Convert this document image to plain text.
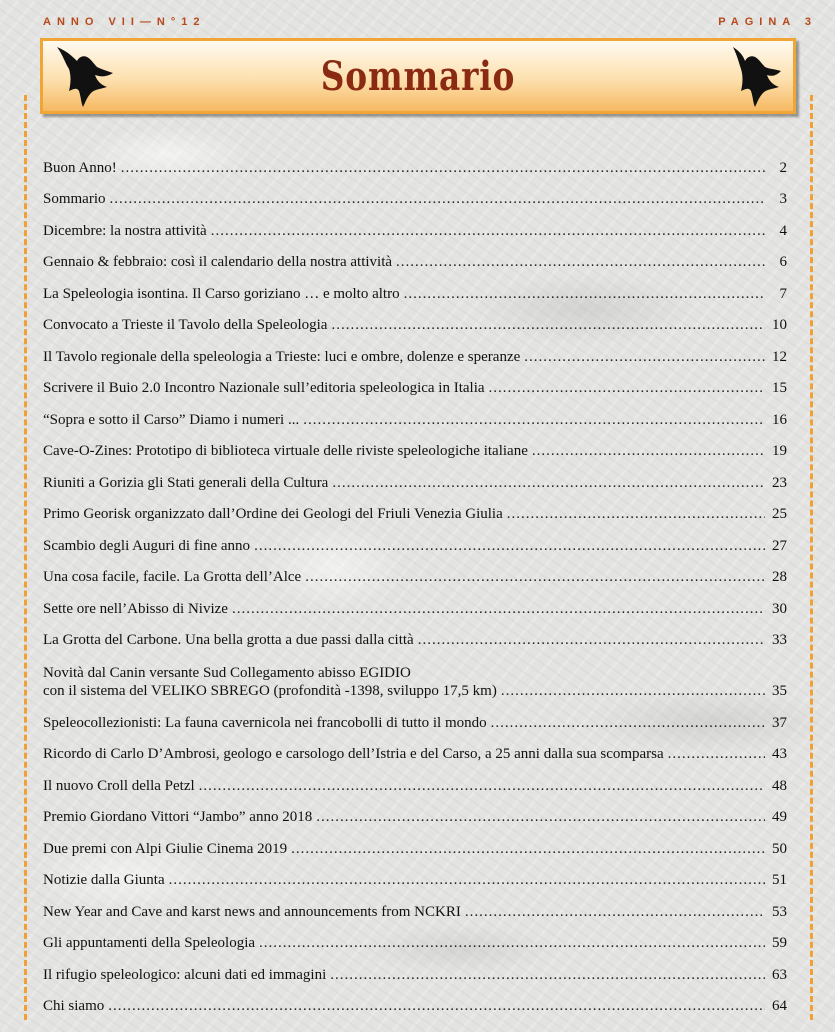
ANNO VII—N°12	PAGINA 3
Sommario
Buon Anno! .....	2
Sommario .....	3
Dicembre: la nostra attività .....	4
Gennaio & febbraio: così il calendario della nostra attività .....	6
La Speleologia isontina. Il Carso goriziano … e molto altro .....	7
Convocato a Trieste il Tavolo della Speleologia .....	10
Il Tavolo regionale della speleologia a Trieste: luci e ombre, dolenze e speranze .....	12
Scrivere il Buio 2.0 Incontro Nazionale sull’editoria speleologica in Italia .....	15
“Sopra e sotto il Carso” Diamo i numeri ... .....	16
Cave-O-Zines: Prototipo di biblioteca virtuale delle riviste speleologiche italiane .....	19
Riuniti a Gorizia gli Stati generali della Cultura .....	23
Primo Georisk organizzato dall’Ordine dei Geologi del Friuli Venezia Giulia .....	25
Scambio degli Auguri di fine anno .....	27
Una cosa facile, facile. La Grotta dell’Alce .....	28
Sette ore nell’Abisso di Nivize .....	30
La Grotta del Carbone. Una bella grotta a due passi dalla città .....	33
Novità dal Canin versante Sud Collegamento abisso EGIDIO
con il sistema del VELIKO SBREGO (profondità -1398, sviluppo 17,5 km) .....	35
Speleocollezionisti: La fauna cavernicola nei francobolli di tutto il mondo .....	37
Ricordo di Carlo D’Ambrosi, geologo e carsologo dell’Istria e del Carso, a 25 anni dalla sua scomparsa .....	43
Il nuovo Croll della Petzl .....	48
Premio Giordano Vittori “Jambo” anno 2018 .....	49
Due premi con Alpi Giulie Cinema 2019 .....	50
Notizie dalla Giunta .....	51
New Year and Cave and karst news and announcements from NCKRI .....	53
Gli appuntamenti della Speleologia .....	59
Il rifugio speleologico: alcuni dati ed immagini .....	63
Chi siamo .....	64
